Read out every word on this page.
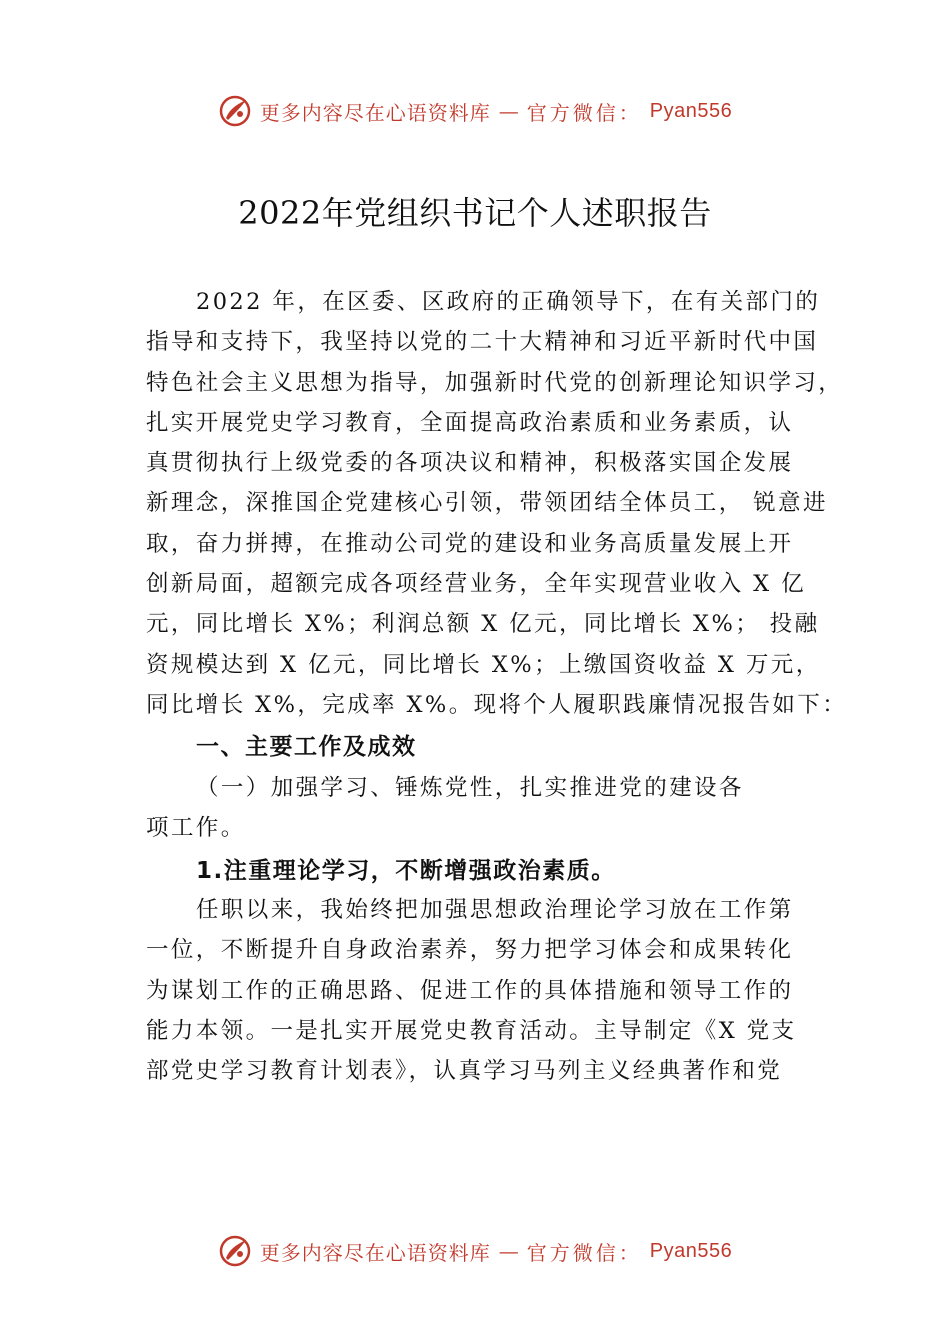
更多内容尽在心语资料库 — 官方微信： Pyan556
2022年党组织书记个人述职报告
2022 年，在区委、区政府的正确领导下，在有关部门的
指导和支持下，我坚持以党的二十大精神和习近平新时代中国
特色社会主义思想为指导，加强新时代党的创新理论知识学习，
扎实开展党史学习教育，全面提高政治素质和业务素质，认
真贯彻执行上级党委的各项决议和精神，积极落实国企发展
新理念，深推国企党建核心引领，带领团结全体员工， 锐意进
取，奋力拼搏，在推动公司党的建设和业务高质量发展上开
创新局面，超额完成各项经营业务，全年实现营业收入 X 亿
元，同比增长 X%；利润总额 X 亿元，同比增长 X%； 投融
资规模达到 X 亿元，同比增长 X%；上缴国资收益 X 万元，
同比增长 X%，完成率 X%。现将个人履职践廉情况报告如下：
一、主要工作及成效
（一）加强学习、锤炼党性，扎实推进党的建设各
项工作。
1.注重理论学习，不断增强政治素质。
任职以来，我始终把加强思想政治理论学习放在工作第
一位，不断提升自身政治素养，努力把学习体会和成果转化
为谋划工作的正确思路、促进工作的具体措施和领导工作的
能力本领。一是扎实开展党史教育活动。主导制定《X 党支
部党史学习教育计划表》，认真学习马列主义经典著作和党
更多内容尽在心语资料库 — 官方微信： Pyan556
